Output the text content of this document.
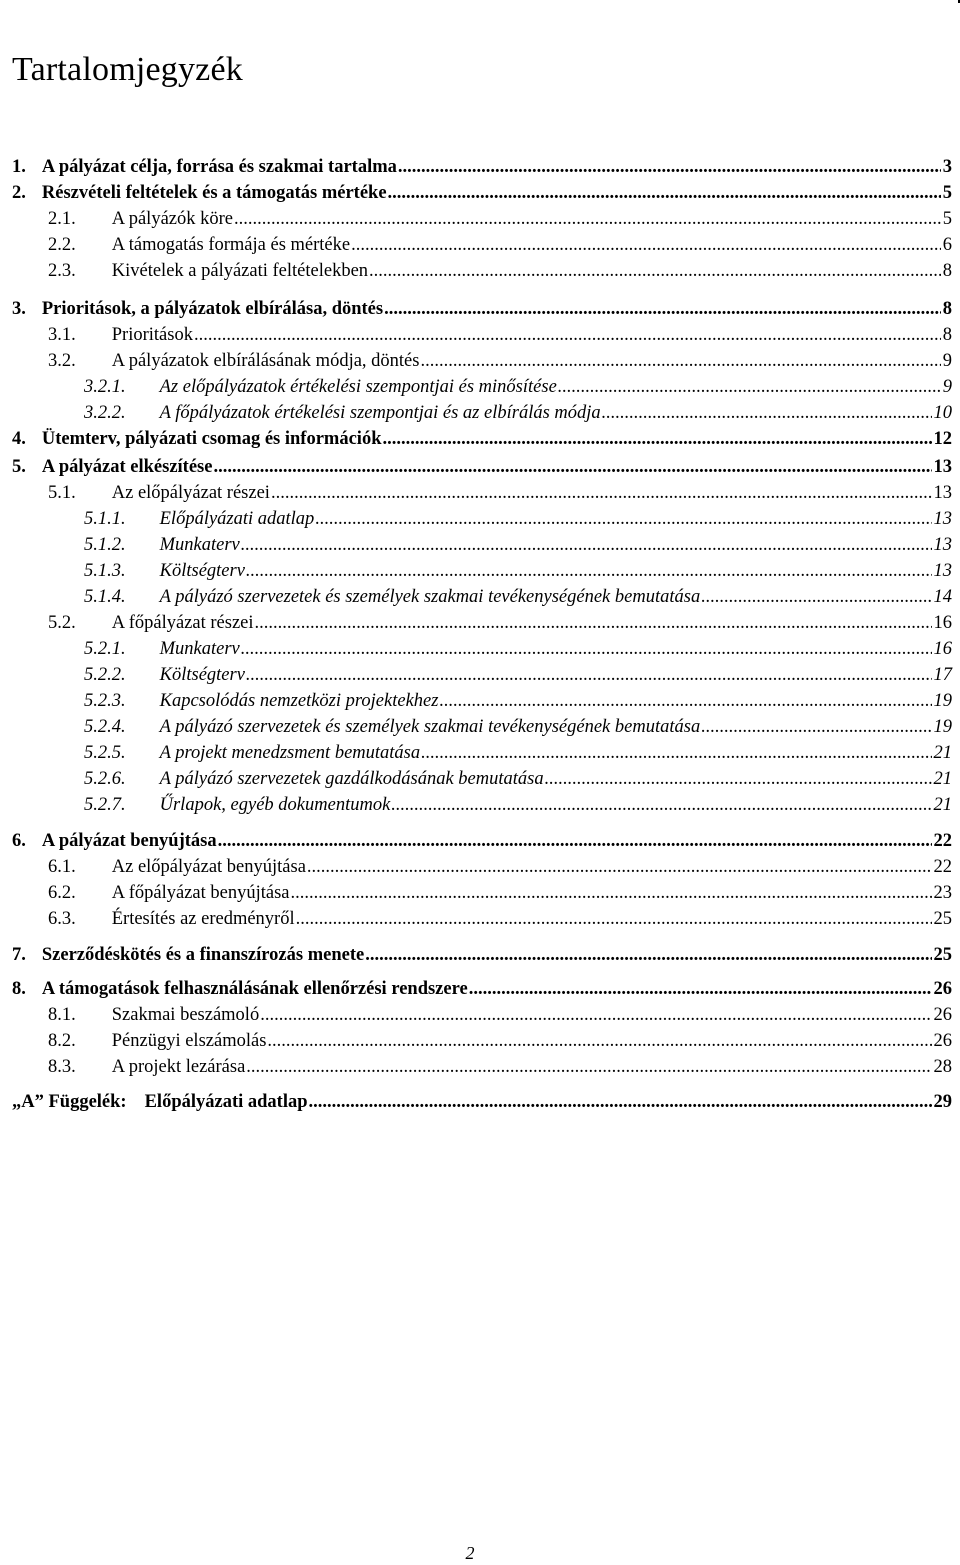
Tartalomjegyzék
1. A pályázat célja, forrása és szakmai tartalma .....	3
2. Részvételi feltételek és a támogatás mértéke .....	5
2.1. A pályázók köre .....	5
2.2. A támogatás formája és mértéke .....	6
2.3. Kivételek a pályázati feltételekben .....	8
3. Prioritások, a pályázatok elbírálása, döntés .....	8
3.1. Prioritások .....	8
3.2. A pályázatok elbírálásának módja, döntés .....	9
3.2.1. Az előpályázatok értékelési szempontjai és minősítése .....	9
3.2.2. A főpályázatok értékelési szempontjai és az elbírálás módja .....	10
4. Ütemterv, pályázati csomag és információk .....	12
5. A pályázat elkészítése .....	13
5.1. Az előpályázat részei .....	13
5.1.1. Előpályázati adatlap .....	13
5.1.2. Munkaterv .....	13
5.1.3. Költségterv .....	13
5.1.4. A pályázó szervezetek és személyek szakmai tevékenységének bemutatása .....	14
5.2. A főpályázat részei .....	16
5.2.1. Munkaterv .....	16
5.2.2. Költségterv .....	17
5.2.3. Kapcsolódás nemzetközi projektekhez .....	19
5.2.4. A pályázó szervezetek és személyek szakmai tevékenységének bemutatása .....	19
5.2.5. A projekt menedzsment bemutatása .....	21
5.2.6. A pályázó szervezetek gazdálkodásának bemutatása .....	21
5.2.7. Űrlapok, egyéb dokumentumok .....	21
6. A pályázat benyújtása .....	22
6.1. Az előpályázat benyújtása .....	22
6.2. A főpályázat benyújtása .....	23
6.3. Értesítés az eredményről .....	25
7. Szerződéskötés és a finanszírozás menete .....	25
8. A támogatások felhasználásának ellenőrzési rendszere .....	26
8.1. Szakmai beszámoló .....	26
8.2. Pénzügyi elszámolás .....	26
8.3. A projekt lezárása .....	28
„A” Függelék: Előpályázati adatlap .....	29
2
